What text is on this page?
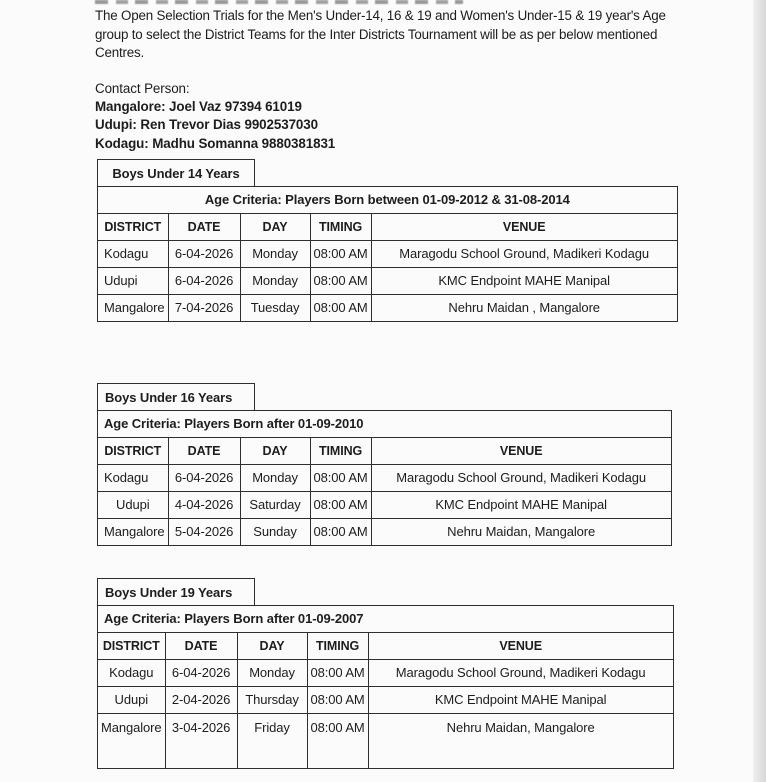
The Open Selection Trials for the Men's Under-14, 16 & 19 and Women's Under-15 & 19 year's Age group to select the District Teams for the Inter Districts Tournament will be as per below mentioned Centres.

Contact Person:
Mangalore: Joel Vaz 97394 61019
Udupi: Ren Trevor Dias 9902537030
Kodagu: Madhu Somanna 9880381831
Boys Under 14 Years
Age Criteria: Players Born between 01-09-2012 & 31-08-2014				
DISTRICT	DATE	DAY	TIMING	VENUE
Kodagu	6-04-2026	Monday	08:00 AM	Maragodu School Ground, Madikeri Kodagu
Udupi	6-04-2026	Monday	08:00 AM	KMC Endpoint MAHE Manipal
Mangalore	7-04-2026	Tuesday	08:00 AM	Nehru Maidan , Mangalore
Boys Under 16 Years
Age Criteria: Players Born after 01-09-2010				
DISTRICT	DATE	DAY	TIMING	VENUE
Kodagu	6-04-2026	Monday	08:00 AM	Maragodu School Ground, Madikeri Kodagu
Udupi	4-04-2026	Saturday	08:00 AM	KMC Endpoint MAHE Manipal
Mangalore	5-04-2026	Sunday	08:00 AM	Nehru Maidan, Mangalore
Boys Under 19 Years
Age Criteria: Players Born after 01-09-2007				
DISTRICT	DATE	DAY	TIMING	VENUE
Kodagu	6-04-2026	Monday	08:00 AM	Maragodu School Ground, Madikeri Kodagu
Udupi	2-04-2026	Thursday	08:00 AM	KMC Endpoint MAHE Manipal
Mangalore	3-04-2026	Friday	08:00 AM	Nehru Maidan, Mangalore
